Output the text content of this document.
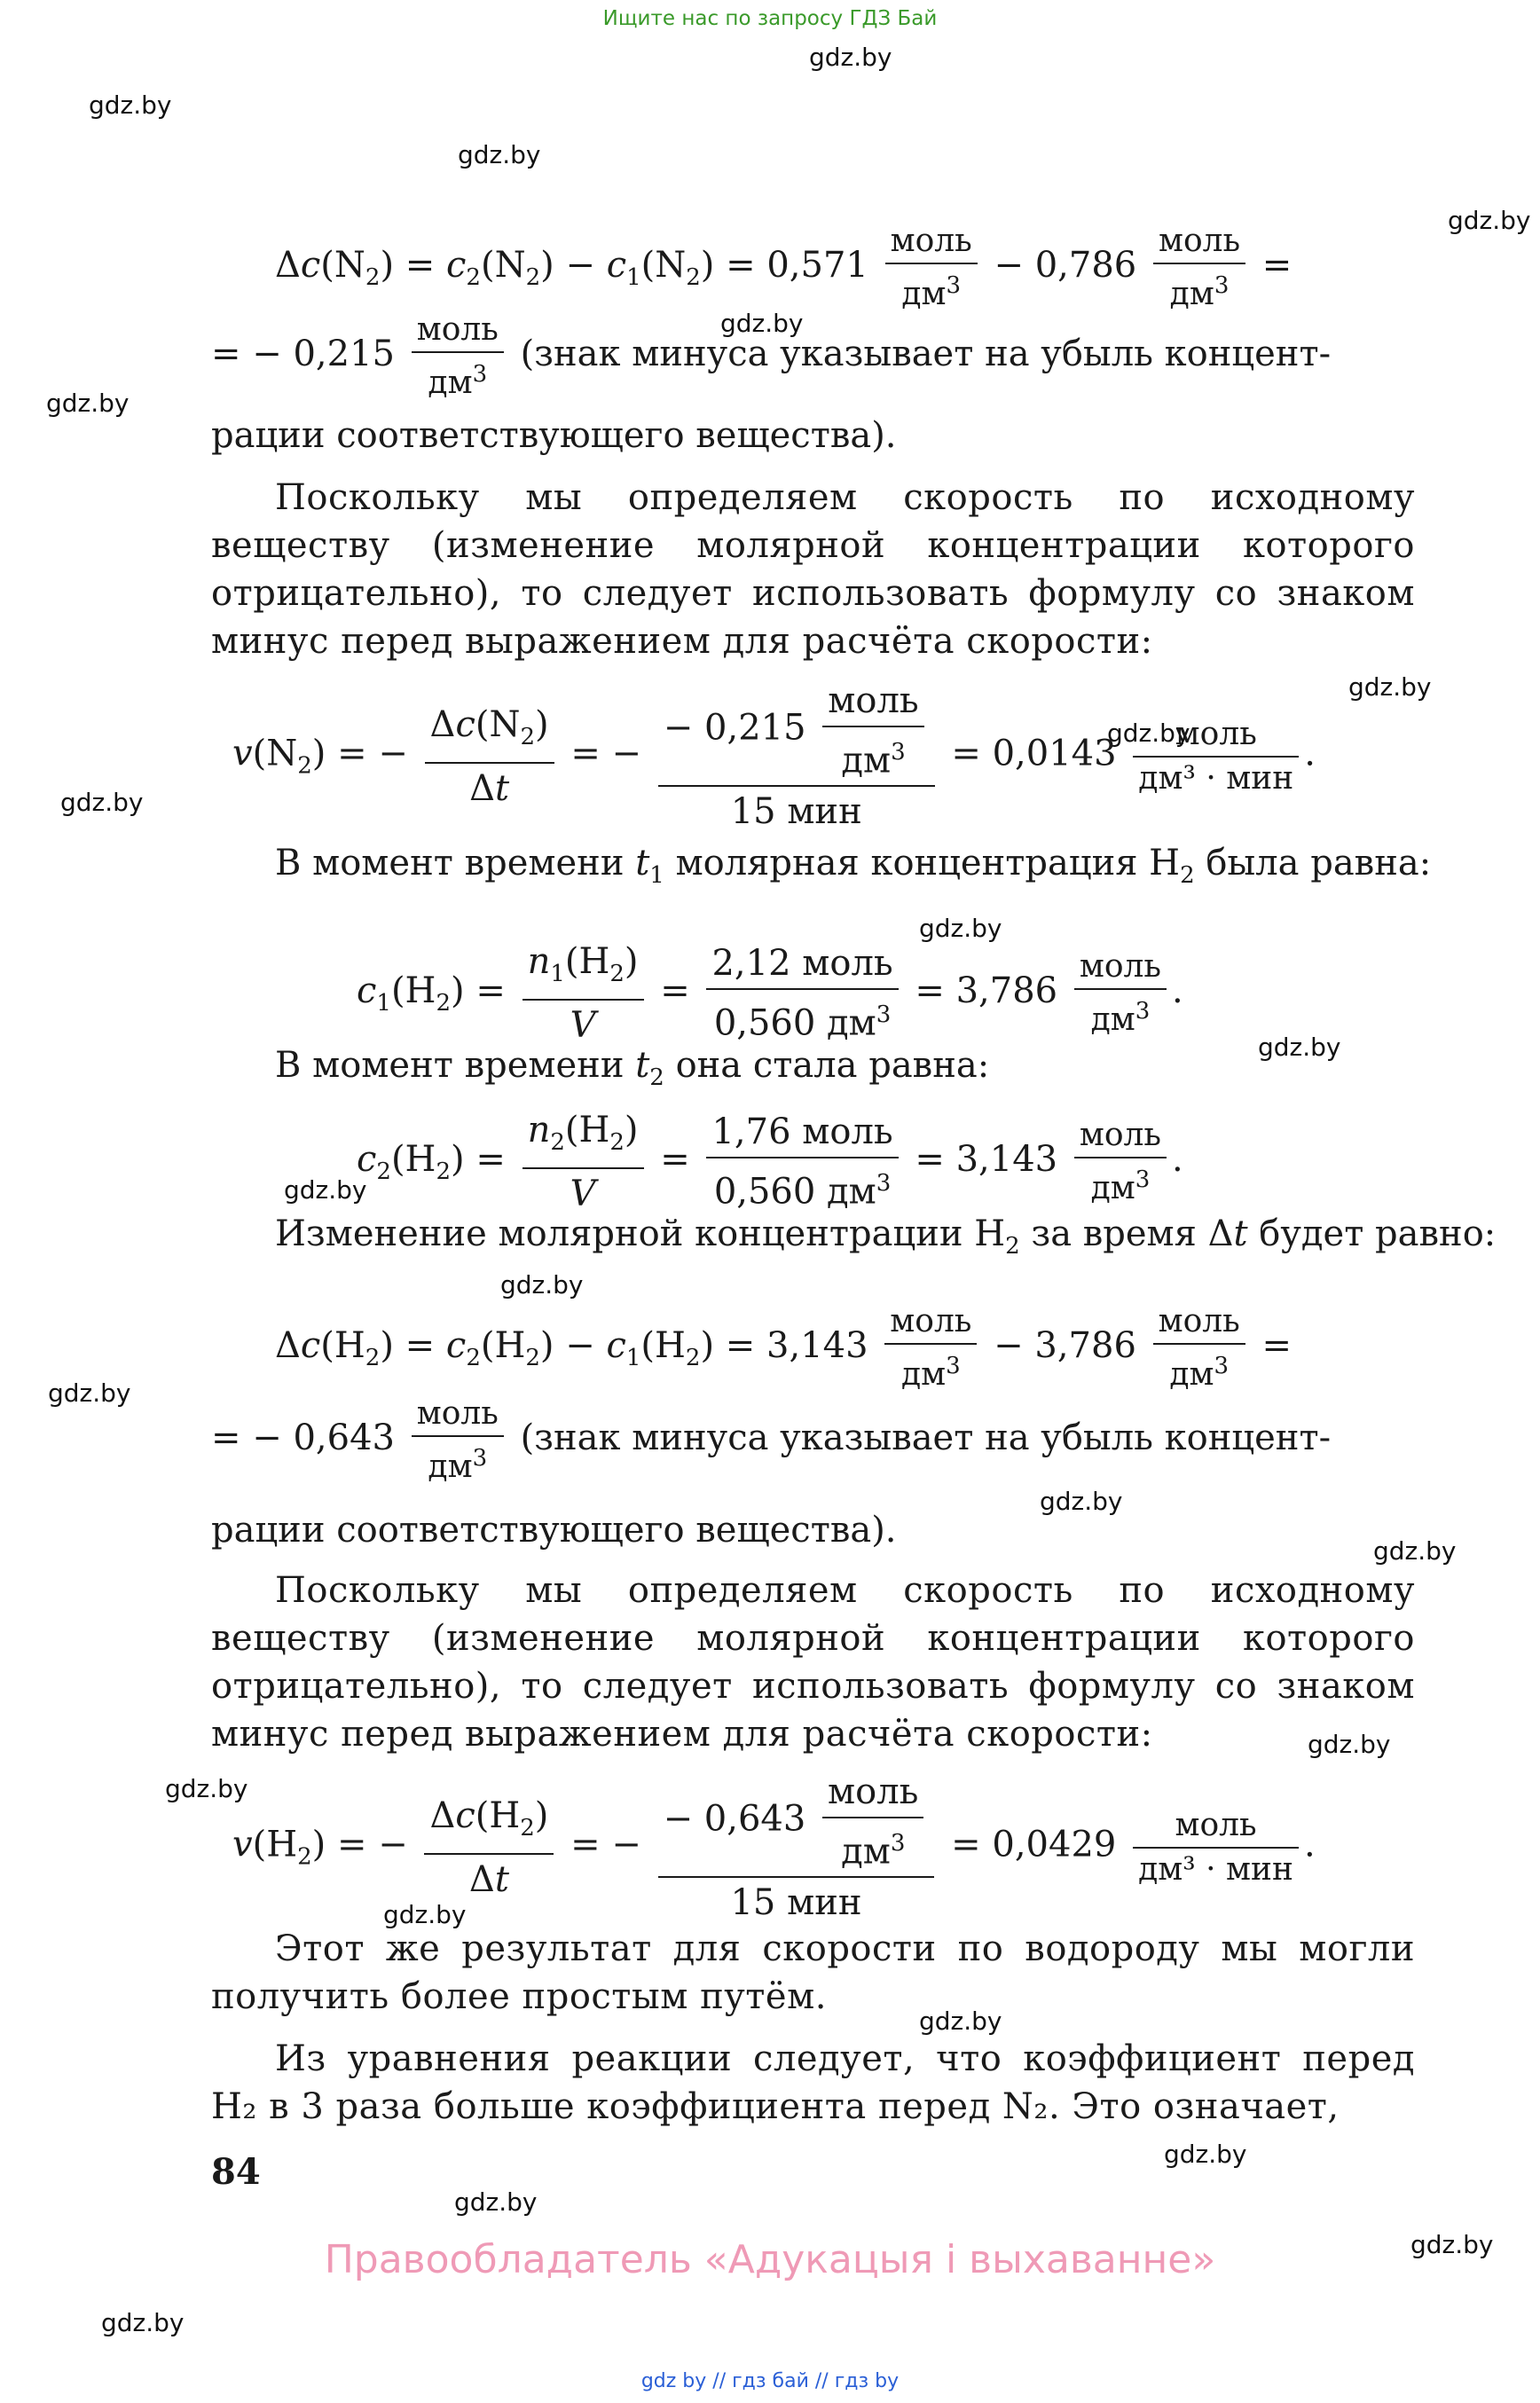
Ищите нас по запросу ГДЗ Бай
gdz.by
gdz.by
gdz.by
gdz.by
gdz.by
gdz.by
gdz.by
gdz.by
gdz.by
gdz.by
gdz.by
gdz.by
gdz.by
gdz.by
gdz.by
gdz.by
gdz.by
gdz.by
gdz.by
gdz.by
gdz.by
gdz.by
gdz.by
gdz.by
$\Delta c(N_2) = c_2(N_2) - c_1(N_2) = 0,571 \frac{\text{моль}}{дм^3} - 0,786 \frac{\text{моль}}{дм^3}$ =
= − $0,215 \frac{\text{моль}}{дм^3}$ (знак минуса указывает на убыль концент-
рации соответствующего вещества).
Поскольку мы определяем скорость по исходному веществу (изменение молярной концентрации которого отрицательно), то следует использовать формулу со знаком минус перед выражением для расчёта скорости:
$v(N_2)$ = − $\frac{\Delta c(N_2)}{\Delta t}$ = − $\frac{- 0,215 \frac{\text{моль}}{дм^3}}{\text{15 мин}} = 0,0143 \frac{\text{моль}}{\text{дм³ · мин}}$ .
В момент времени $t_1$ молярная концентрация $H_2$ была равна:
$c_1(H_2) = \frac{n_1(H_2)}{V} = \frac{\text{2,12 моль}}{0,560 дм^3} = 3,786 \frac{\text{моль}}{дм^3}$ .
В момент времени $t_2$ она стала равна:
$c_2(H_2) = \frac{n_2(H_2)}{V} = \frac{\text{1,76 моль}}{0,560 дм^3} = 3,143 \frac{\text{моль}}{дм^3}$ .
Изменение молярной концентрации $H_2$ за время Δt будет равно:
$\Delta c(H_2) = c_2(H_2) - c_1(H_2) = 3,143 \frac{\text{моль}}{дм^3} - 3,786 \frac{\text{моль}}{дм^3}$ =
= − $0,643 \frac{\text{моль}}{дм^3}$ (знак минуса указывает на убыль концент-
рации соответствующего вещества).
Поскольку мы определяем скорость по исходному веществу (изменение молярной концентрации которого отрицательно), то следует использовать формулу со знаком минус перед выражением для расчёта скорости:
$v(H_2)$ = − $\frac{\Delta c(H_2)}{\Delta t}$ = − $\frac{- 0,643 \frac{\text{моль}}{дм^3}}{\text{15 мин}} = 0,0429 \frac{\text{моль}}{\text{дм³ · мин}}$ .
Этот же результат для скорости по водороду мы могли получить более простым путём.
Из уравнения реакции следует, что коэффициент перед H₂ в 3 раза больше коэффициента перед N₂. Это означает,
84
Правообладатель «Адукацыя і выхаванне»
gdz by // гдз бай // гдз by
